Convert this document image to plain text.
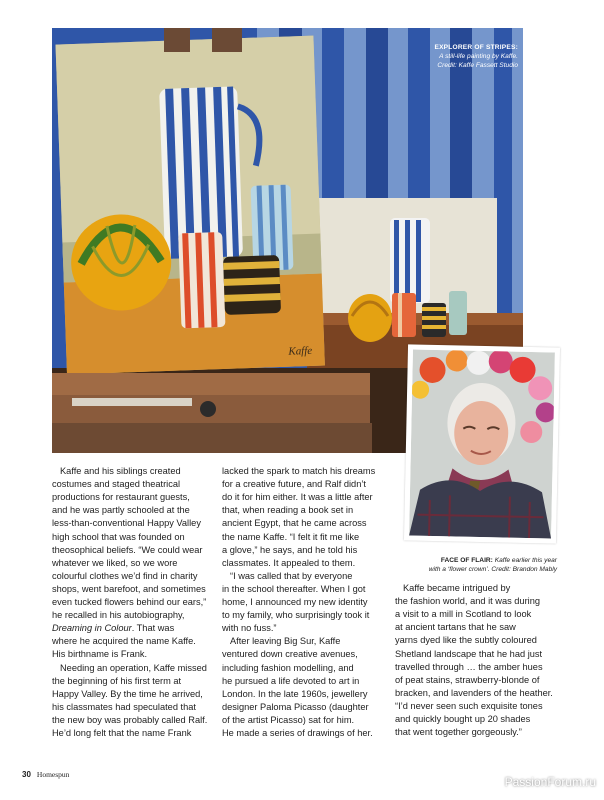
Kaffe
EXPLORER OF STRIPES:
A still-life painting by Kaffe.
Credit: Kaffe Fassett Studio
FACE OF FLAIR: Kaffe earlier this year
with a ‘flower crown’. Credit: Brandon Mably
Kaffe and his siblings created
costumes and staged theatrical
productions for restaurant guests,
and he was partly schooled at the
less-than-conventional Happy Valley
high school that was founded on
theosophical beliefs. “We could wear
whatever we liked, so we wore
colourful clothes we’d find in charity
shops, went barefoot, and sometimes
even tucked flowers behind our ears,”
he recalled in his autobiography,
Dreaming in Colour. That was
where he acquired the name Kaffe.
His birthname is Frank.
Needing an operation, Kaffe missed
the beginning of his first term at
Happy Valley. By the time he arrived,
his classmates had speculated that
the new boy was probably called Ralf.
He’d long felt that the name Frank
lacked the spark to match his dreams
for a creative future, and Ralf didn’t
do it for him either. It was a little after
that, when reading a book set in
ancient Egypt, that he came across
the name Kaffe. “I felt it fit me like
a glove,” he says, and he told his
classmates. It appealed to them.
“I was called that by everyone
in the school thereafter. When I got
home, I announced my new identity
to my family, who surprisingly took it
with no fuss.”
After leaving Big Sur, Kaffe
ventured down creative avenues,
including fashion modelling, and
he pursued a life devoted to art in
London. In the late 1960s, jewellery
designer Paloma Picasso (daughter
of the artist Picasso) sat for him.
He made a series of drawings of her.
Kaffe became intrigued by
the fashion world, and it was during
a visit to a mill in Scotland to look
at ancient tartans that he saw
yarns dyed like the subtly coloured
Shetland landscape that he had just
travelled through … the amber hues
of peat stains, strawberry-blonde of
bracken, and lavenders of the heather.
“I’d never seen such exquisite tones
and quickly bought up 20 shades
that went together gorgeously.”
30 Homespun
PassionForum.ru
